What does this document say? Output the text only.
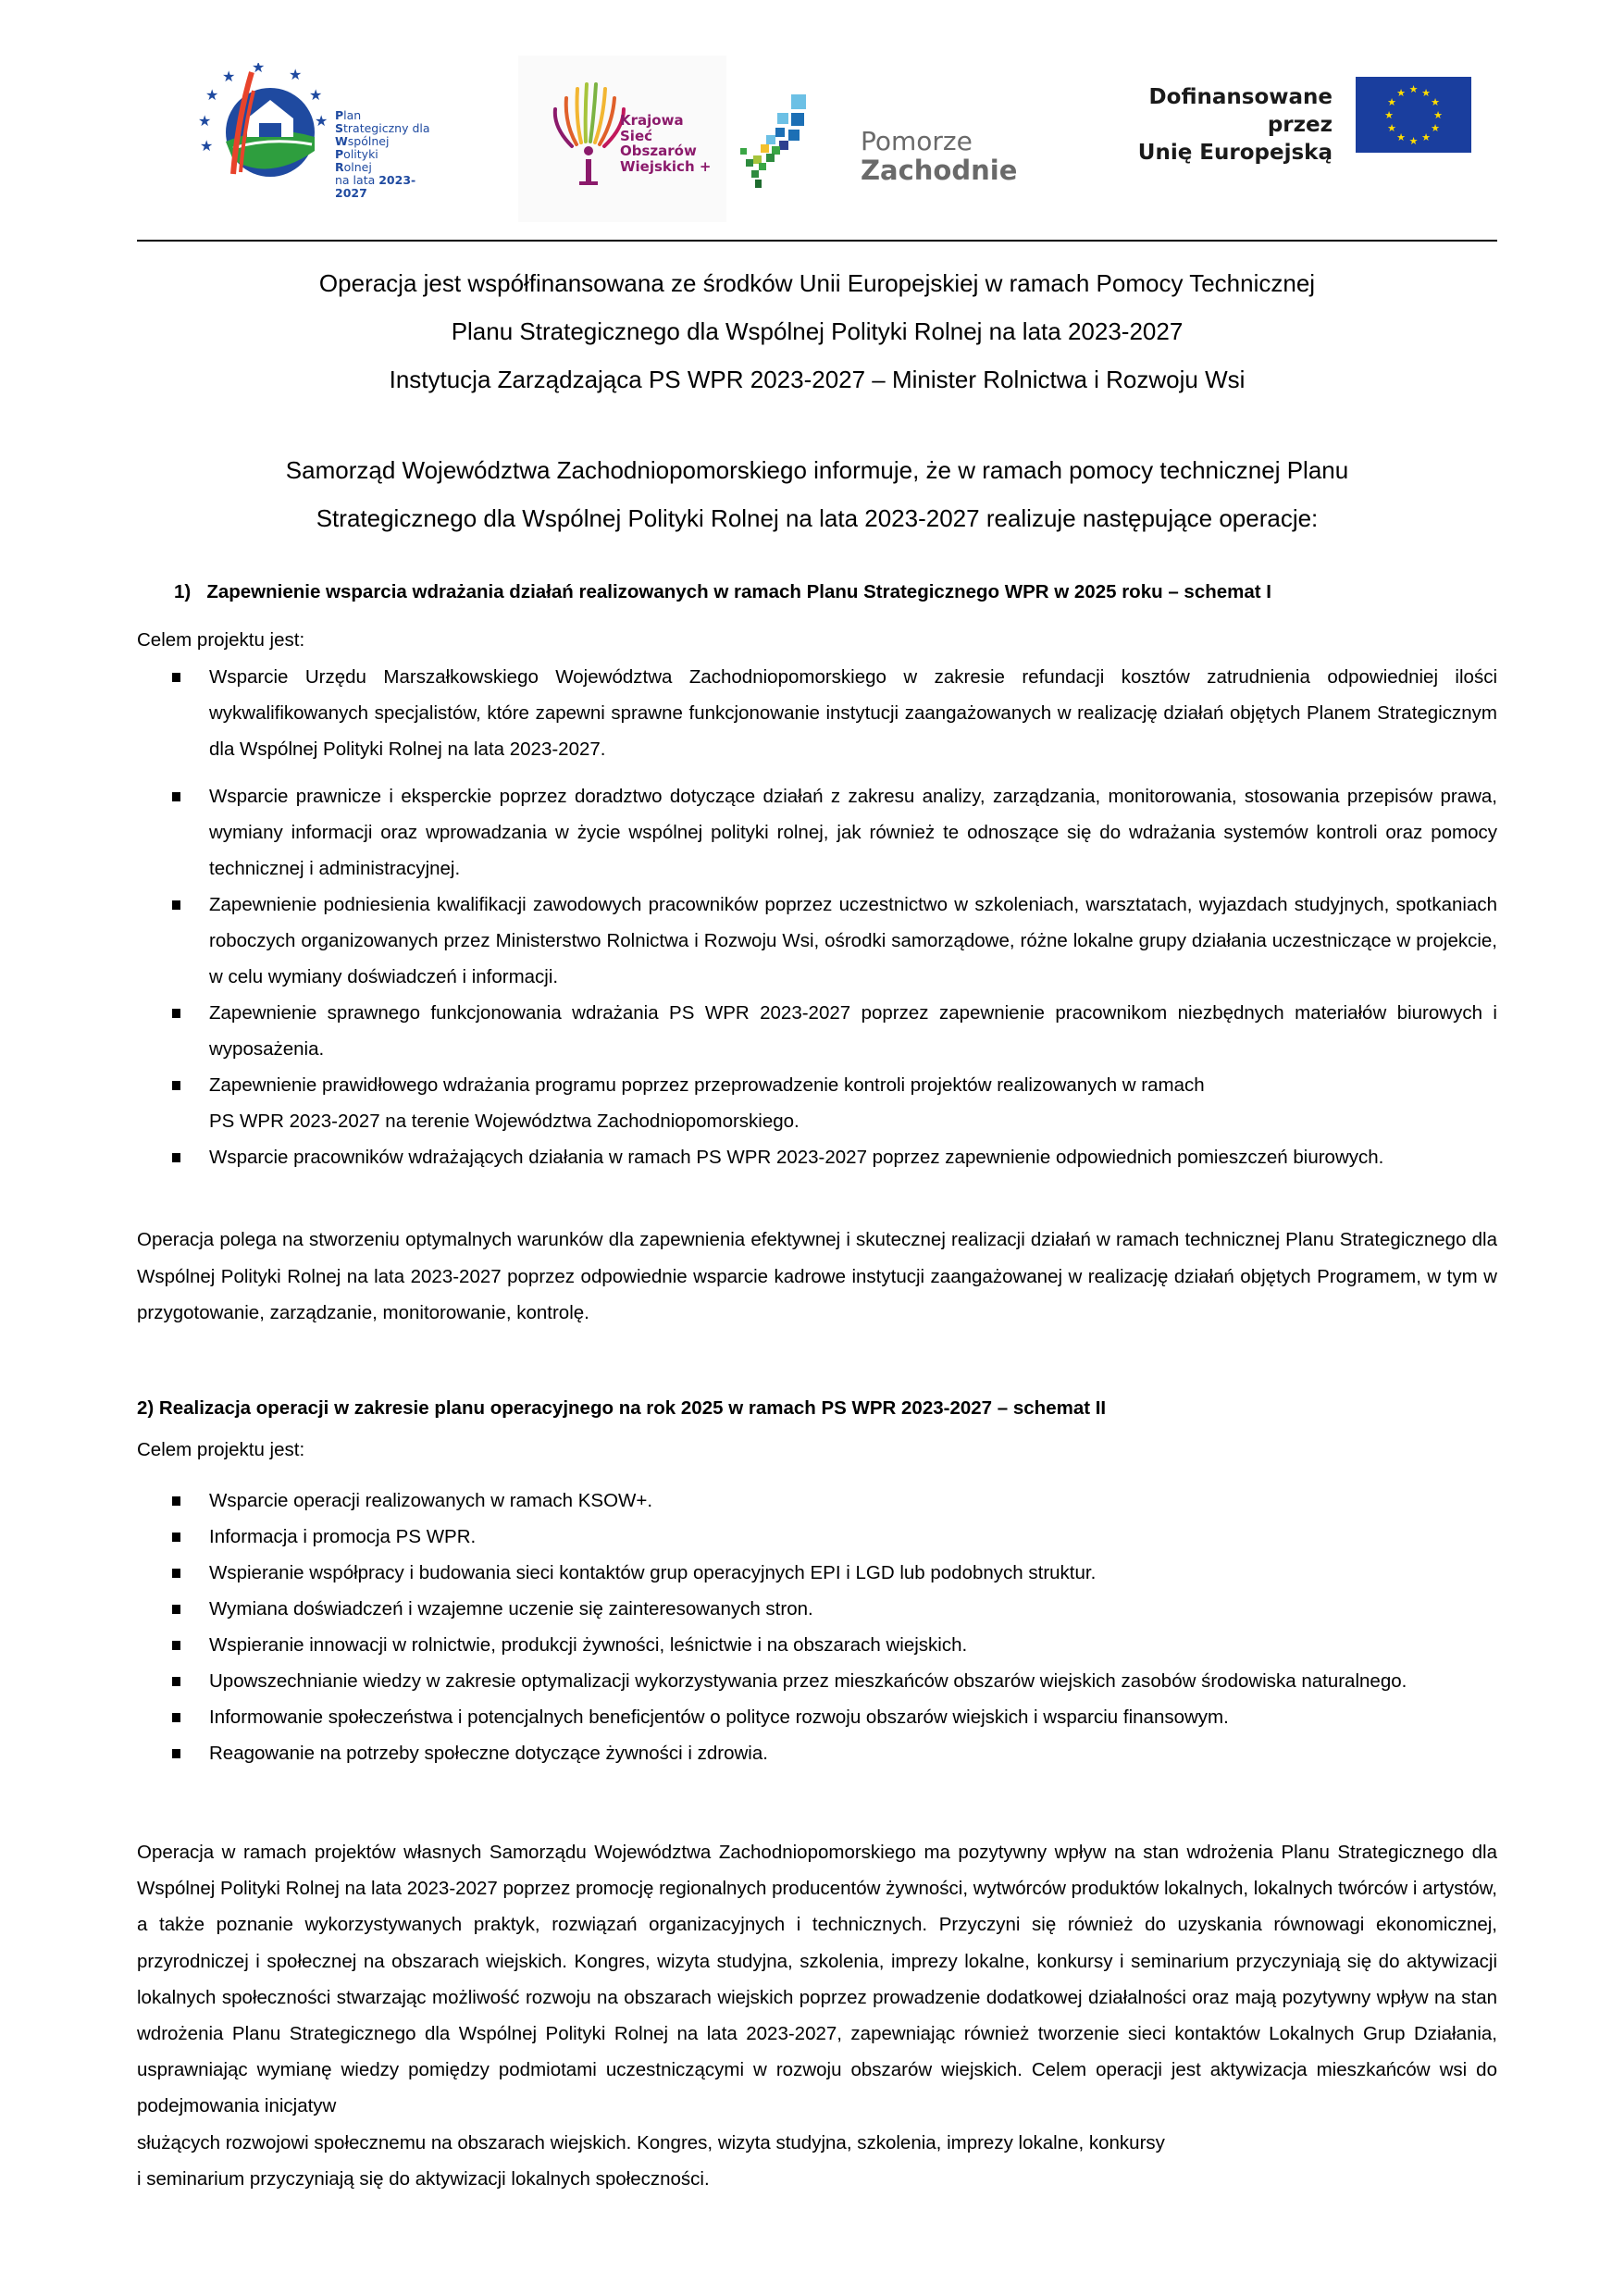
★
★
★ ★
★
★
★
★
Plan
Strategiczny dla
Wspólnej
Polityki
Rolnej
na lata 2023-2027
Krajowa
Sieć
Obszarów
Wiejskich +
Pomorze
Zachodnie
Dofinansowane przez
Unię Europejską
★ ★
★
★
★
★
★
★
★
★
★
★
Operacja jest współfinansowana ze środków Unii Europejskiej w ramach Pomocy Technicznej
Planu Strategicznego dla Wspólnej Polityki Rolnej na lata 2023-2027
Instytucja Zarządzająca PS WPR 2023-2027 – Minister Rolnictwa i Rozwoju Wsi
Samorząd Województwa Zachodniopomorskiego informuje, że w ramach pomocy technicznej Planu
Strategicznego dla Wspólnej Polityki Rolnej na lata 2023-2027 realizuje następujące operacje:
1) Zapewnienie wsparcia wdrażania działań realizowanych w ramach Planu Strategicznego WPR w 2025 roku – schemat I
Celem projektu jest:
Wsparcie Urzędu Marszałkowskiego Województwa Zachodniopomorskiego w zakresie refundacji kosztów zatrudnienia odpowiedniej ilości wykwalifikowanych specjalistów, które zapewni sprawne funkcjonowanie instytucji zaangażowanych w realizację działań objętych Planem Strategicznym dla Wspólnej Polityki Rolnej na lata 2023-2027.
Wsparcie prawnicze i eksperckie poprzez doradztwo dotyczące działań z zakresu analizy, zarządzania, monitorowania, stosowania przepisów prawa, wymiany informacji oraz wprowadzania w życie wspólnej polityki rolnej, jak również te odnoszące się do wdrażania systemów kontroli oraz pomocy technicznej i administracyjnej.
Zapewnienie podniesienia kwalifikacji zawodowych pracowników poprzez uczestnictwo w szkoleniach, warsztatach, wyjazdach studyjnych, spotkaniach roboczych organizowanych przez Ministerstwo Rolnictwa i Rozwoju Wsi, ośrodki samorządowe, różne lokalne grupy działania uczestniczące w projekcie, w celu wymiany doświadczeń i informacji.
Zapewnienie sprawnego funkcjonowania wdrażania PS WPR 2023-2027 poprzez zapewnienie pracownikom niezbędnych materiałów biurowych i wyposażenia.
Zapewnienie prawidłowego wdrażania programu poprzez przeprowadzenie kontroli projektów realizowanych w ramach
PS WPR 2023-2027 na terenie Województwa Zachodniopomorskiego.
Wsparcie pracowników wdrażających działania w ramach PS WPR 2023-2027 poprzez zapewnienie odpowiednich pomieszczeń biurowych.
Operacja polega na stworzeniu optymalnych warunków dla zapewnienia efektywnej i skutecznej realizacji działań w ramach technicznej Planu Strategicznego dla Wspólnej Polityki Rolnej na lata 2023-2027 poprzez odpowiednie wsparcie kadrowe instytucji zaangażowanej w realizację działań objętych Programem, w tym w przygotowanie, zarządzanie, monitorowanie, kontrolę.
2) Realizacja operacji w zakresie planu operacyjnego na rok 2025 w ramach PS WPR 2023-2027 – schemat II
Celem projektu jest:
Wsparcie operacji realizowanych w ramach KSOW+.
Informacja i promocja PS WPR.
Wspieranie współpracy i budowania sieci kontaktów grup operacyjnych EPI i LGD lub podobnych struktur.
Wymiana doświadczeń i wzajemne uczenie się zainteresowanych stron.
Wspieranie innowacji w rolnictwie, produkcji żywności, leśnictwie i na obszarach wiejskich.
Upowszechnianie wiedzy w zakresie optymalizacji wykorzystywania przez mieszkańców obszarów wiejskich zasobów środowiska naturalnego.
Informowanie społeczeństwa i potencjalnych beneficjentów o polityce rozwoju obszarów wiejskich i wsparciu finansowym.
Reagowanie na potrzeby społeczne dotyczące żywności i zdrowia.
Operacja w ramach projektów własnych Samorządu Województwa Zachodniopomorskiego ma pozytywny wpływ na stan wdrożenia Planu Strategicznego dla Wspólnej Polityki Rolnej na lata 2023-2027 poprzez promocję regionalnych producentów żywności, wytwórców produktów lokalnych, lokalnych twórców i artystów, a także poznanie wykorzystywanych praktyk, rozwiązań organizacyjnych i technicznych. Przyczyni się również do uzyskania równowagi ekonomicznej, przyrodniczej i społecznej na obszarach wiejskich. Kongres, wizyta studyjna, szkolenia, imprezy lokalne, konkursy i seminarium przyczyniają się do aktywizacji lokalnych społeczności stwarzając możliwość rozwoju na obszarach wiejskich poprzez prowadzenie dodatkowej działalności oraz mają pozytywny wpływ na stan wdrożenia Planu Strategicznego dla Wspólnej Polityki Rolnej na lata 2023-2027, zapewniając również tworzenie sieci kontaktów Lokalnych Grup Działania, usprawniając wymianę wiedzy pomiędzy podmiotami uczestniczącymi w rozwoju obszarów wiejskich. Celem operacji jest aktywizacja mieszkańców wsi do podejmowania inicjatyw
służących rozwojowi społecznemu na obszarach wiejskich. Kongres, wizyta studyjna, szkolenia, imprezy lokalne, konkursy
i seminarium przyczyniają się do aktywizacji lokalnych społeczności.
